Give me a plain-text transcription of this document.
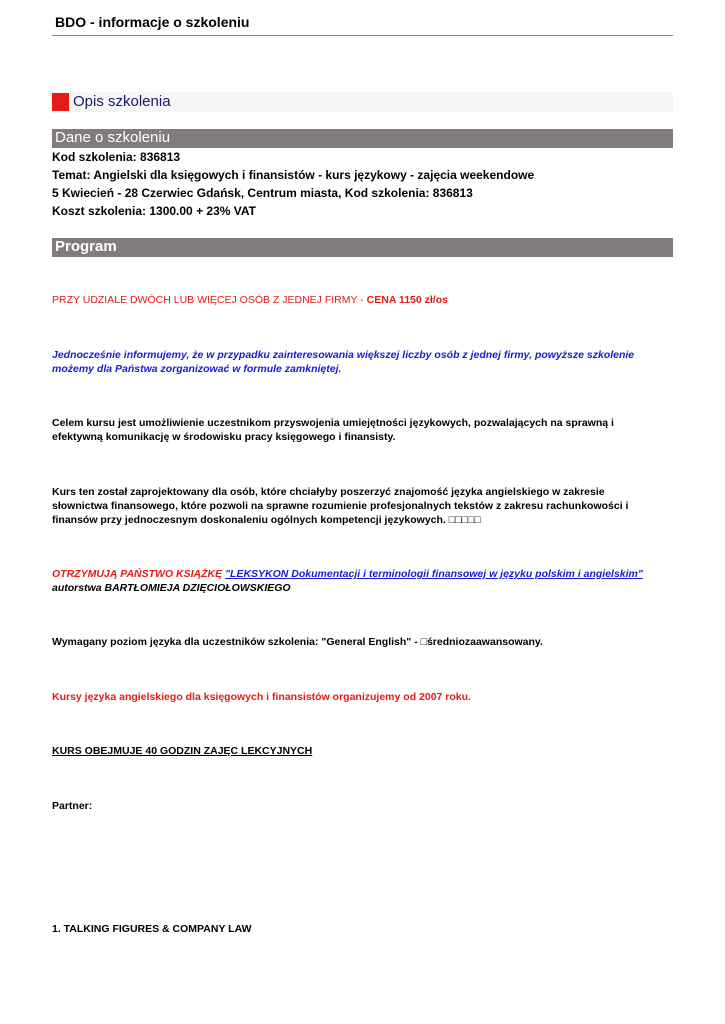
BDO - informacje o szkoleniu
Opis szkolenia
Dane o szkoleniu
Kod szkolenia: 836813
Temat: Angielski dla księgowych i finansistów - kurs językowy - zajęcia weekendowe
5 Kwiecień - 28 Czerwiec Gdańsk, Centrum miasta, Kod szkolenia: 836813
Koszt szkolenia: 1300.00 + 23% VAT
Program
PRZY UDZIALE DWÓCH LUB WIĘCEJ OSÓB Z JEDNEJ FIRMY - CENA 1150 zł/os
Jednocześnie informujemy, że w przypadku zainteresowania większej liczby osób z jednej firmy, powyższe szkolenie
możemy dla Państwa zorganizować w formule zamkniętej.
Celem kursu jest umożliwienie uczestnikom przyswojenia umiejętności językowych, pozwalających na sprawną i
efektywną komunikację w środowisku pracy księgowego i finansisty.
Kurs ten został zaprojektowany dla osób, które chciałyby poszerzyć znajomość języka angielskiego w zakresie
słownictwa finansowego, które pozwoli na sprawne rozumienie profesjonalnych tekstów z zakresu rachunkowości i
finansów przy jednoczesnym doskonaleniu ogólnych kompetencji językowych. □□□□□
OTRZYMUJĄ PAŃSTWO KSIĄŻKĘ "LEKSYKON Dokumentacji i terminologii finansowej w języku polskim i angielskim"
autorstwa BARTŁOMIEJA DZIĘCIOŁOWSKIEGO
Wymagany poziom języka dla uczestników szkolenia: "General English" - □średniozaawansowany.
Kursy języka angielskiego dla księgowych i finansistów organizujemy od 2007 roku.
KURS OBEJMUJE 40 GODZIN ZAJĘC LEKCYJNYCH
Partner:
1. TALKING FIGURES & COMPANY LAW
